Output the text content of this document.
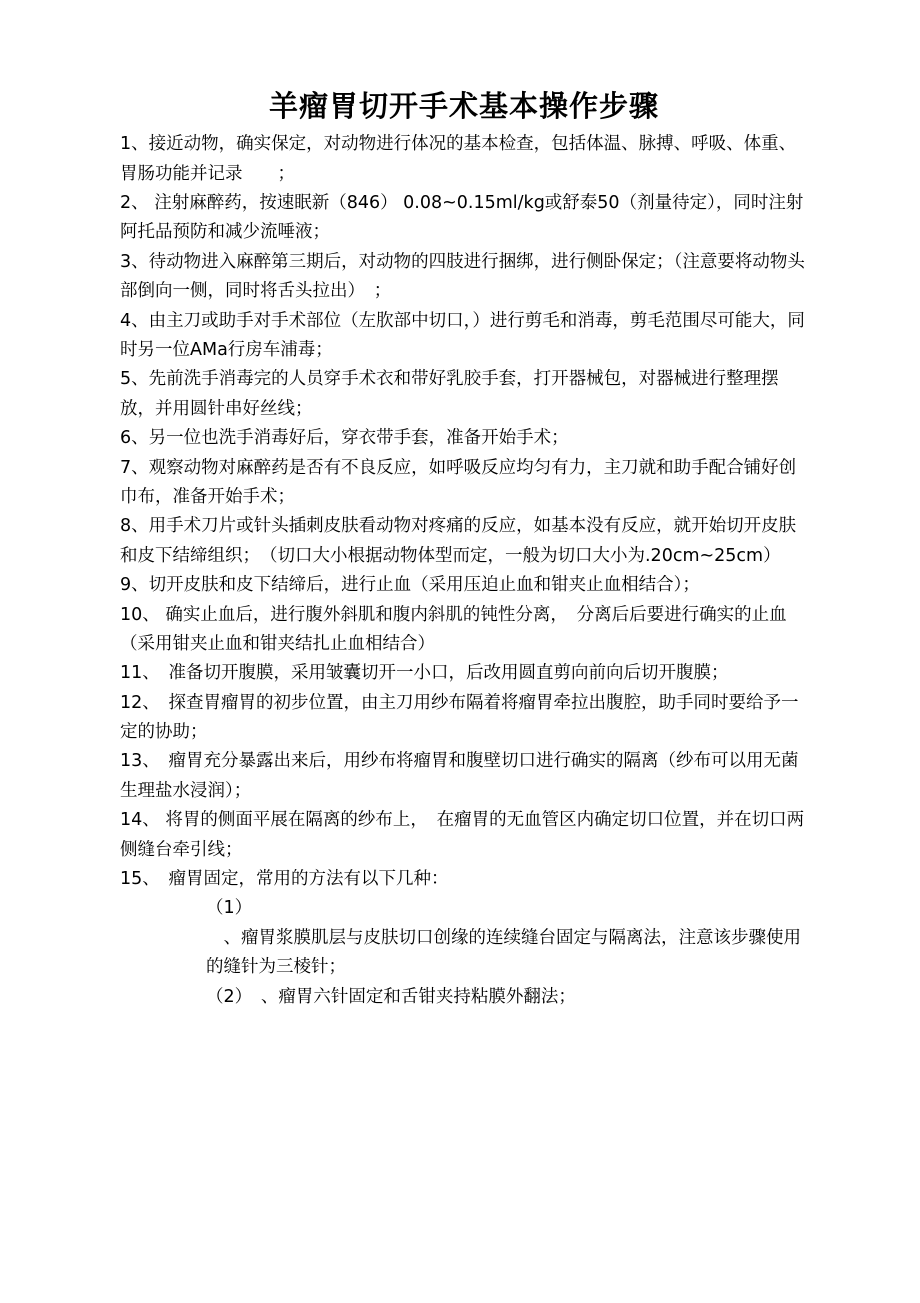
羊瘤胃切开手术基本操作步骤

1、接近动物，确实保定，对动物进行体况的基本检查，包括体温、脉搏、呼吸、体重、胃肠功能并记录　　；

2、 注射麻醉药，按速眠新（846） 0.08~0.15ml/kg或舒泰50（剂量待定），同时注射阿托品预防和减少流唾液；

3、待动物进入麻醉第三期后，对动物的四肢进行捆绑，进行侧卧保定；（注意要将动物头部倒向一侧，同时将舌头拉出）　；

4、由主刀或助手对手术部位（左肷部中切口，）进行剪毛和消毒，剪毛范围尽可能大，同时另一位AMa行房车浦毒；

5、先前洗手消毒完的人员穿手术衣和带好乳胶手套，打开器械包，对器械进行整理摆放，并用圆针串好丝线；

6、另一位也洗手消毒好后，穿衣带手套，准备开始手术；

7、观察动物对麻醉药是否有不良反应，如呼吸反应均匀有力，主刀就和助手配合铺好创巾布，准备开始手术；

8、用手术刀片或针头插刺皮肤看动物对疼痛的反应，如基本没有反应，就开始切开皮肤和皮下结缔组织；　（切口大小根据动物体型而定，一般为切口大小为.20cm~25cm）

9、切开皮肤和皮下结缔后，进行止血（采用压迫止血和钳夹止血相结合）；

10、 确实止血后，进行腹外斜肌和腹内斜肌的钝性分离，　分离后后要进行确实的止血（采用钳夹止血和钳夹结扎止血相结合）

11、　准备切开腹膜，采用皱囊切开一小口，后改用圆直剪向前向后切开腹膜；

12、　探查胃瘤胃的初步位置，由主刀用纱布隔着将瘤胃牵拉出腹腔，助手同时要给予一定的协助；

13、　瘤胃充分暴露出来后，用纱布将瘤胃和腹壁切口进行确实的隔离（纱布可以用无菌生理盐水浸润）；

14、 将胃的侧面平展在隔离的纱布上，　在瘤胃的无血管区内确定切口位置，并在切口两侧缝台牵引线；

15、　瘤胃固定，常用的方法有以下几种：

（1）

　、瘤胃浆膜肌层与皮肤切口创缘的连续缝台固定与隔离法，注意该步骤使用的缝针为三棱针；

（2）　、瘤胃六针固定和舌钳夹持粘膜外翻法；
